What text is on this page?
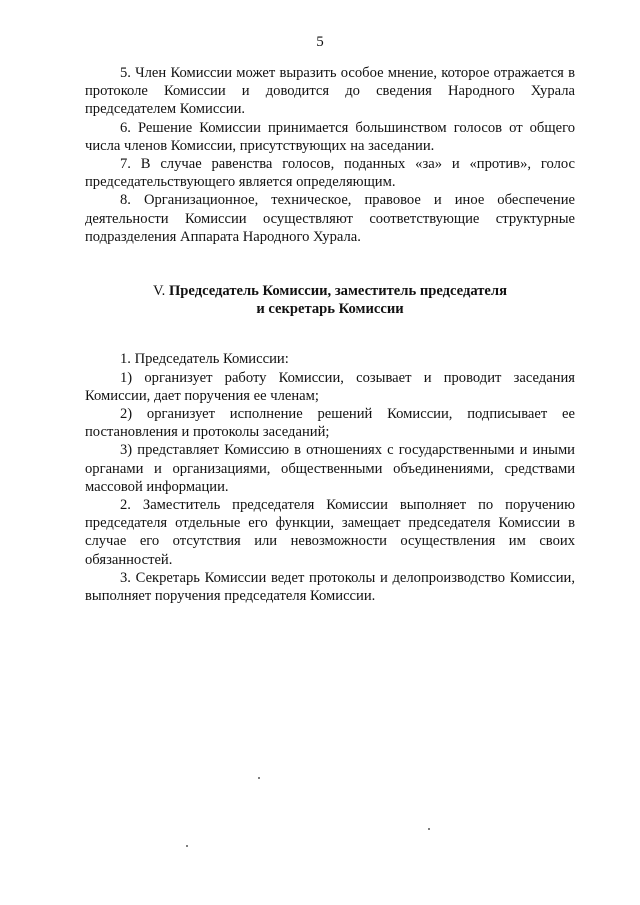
5

5. Член Комиссии может выразить особое мнение, которое отражается в протоколе Комиссии и доводится до сведения Народного Хурала председателем Комиссии.

6. Решение Комиссии принимается большинством голосов от общего числа членов Комиссии, присутствующих на заседании.

7. В случае равенства голосов, поданных «за» и «против», голос председательствующего является определяющим.

8. Организационное, техническое, правовое и иное обеспечение деятельности Комиссии осуществляют соответствующие структурные подразделения Аппарата Народного Хурала.

V. Председатель Комиссии, заместитель председателя
и секретарь Комиссии

1. Председатель Комиссии:

1) организует работу Комиссии, созывает и проводит заседания Комиссии, дает поручения ее членам;

2) организует исполнение решений Комиссии, подписывает ее постановления и протоколы заседаний;

3) представляет Комиссию в отношениях с государственными и иными органами и организациями, общественными объединениями, средствами массовой информации.

2. Заместитель председателя Комиссии выполняет по поручению председателя отдельные его функции, замещает председателя Комиссии в случае его отсутствия или невозможности осуществления им своих обязанностей.

3. Секретарь Комиссии ведет протоколы и делопроизводство Комиссии, выполняет поручения председателя Комиссии.
